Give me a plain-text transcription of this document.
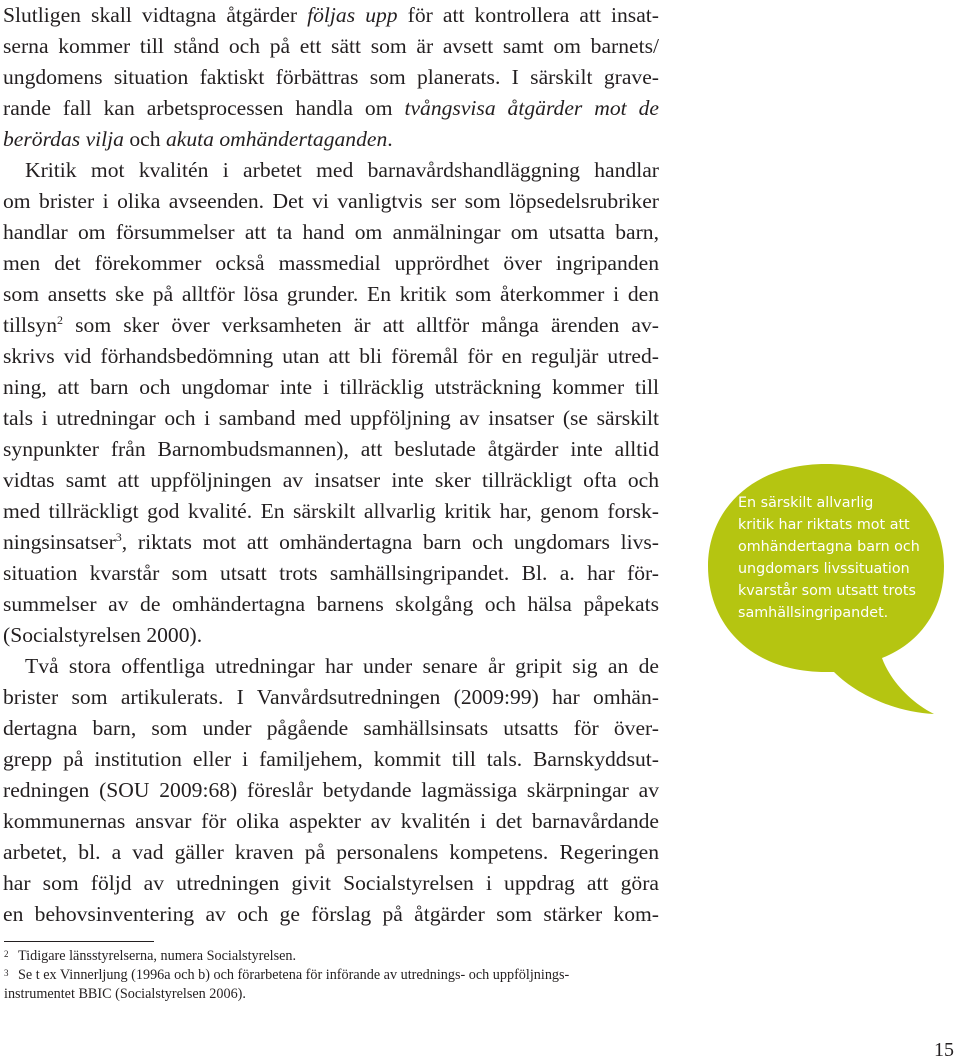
Slutligen skall vidtagna åtgärder följas upp för att kontrollera att insat-
serna kommer till stånd och på ett sätt som är avsett samt om barnets/
ungdomens situation faktiskt förbättras som planerats. I särskilt grave-
rande fall kan arbetsprocessen handla om tvångsvisa åtgärder mot de
berördas vilja och akuta omhändertaganden.
Kritik mot kvalitén i arbetet med barnavårdshandläggning handlar
om brister i olika avseenden. Det vi vanligtvis ser som löpsedelsrubriker
handlar om försummelser att ta hand om anmälningar om utsatta barn,
men det förekommer också massmedial upprördhet över ingripanden
som ansetts ske på alltför lösa grunder. En kritik som återkommer i den
tillsyn$^2$ som sker över verksamheten är att alltför många ärenden av-
skrivs vid förhandsbedömning utan att bli föremål för en reguljär utred-
ning, att barn och ungdomar inte i tillräcklig utsträckning kommer till
tals i utredningar och i samband med uppföljning av insatser (se särskilt
synpunkter från Barnombudsmannen), att beslutade åtgärder inte alltid
vidtas samt att uppföljningen av insatser inte sker tillräckligt ofta och
med tillräckligt god kvalité. En särskilt allvarlig kritik har, genom forsk-
ningsinsatser$^3$, riktats mot att omhändertagna barn och ungdomars livs-
situation kvarstår som utsatt trots samhällsingripandet. Bl. a. har för-
summelser av de omhändertagna barnens skolgång och hälsa påpekats
(Socialstyrelsen 2000).
Två stora offentliga utredningar har under senare år gripit sig an de
brister som artikulerats. I Vanvårdsutredningen (2009:99) har omhän-
dertagna barn, som under pågående samhällsinsats utsatts för över-
grepp på institution eller i familjehem, kommit till tals. Barnskyddsut-
redningen (SOU 2009:68) föreslår betydande lagmässiga skärpningar av
kommunernas ansvar för olika aspekter av kvalitén i det barnavårdande
arbetet, bl. a vad gäller kraven på personalens kompetens. Regeringen
har som följd av utredningen givit Socialstyrelsen i uppdrag att göra
en behovsinventering av och ge förslag på åtgärder som stärker kom-
2 Tidigare länsstyrelserna, numera Socialstyrelsen.
3 Se t ex Vinnerljung (1996a och b) och förarbetena för införande av utrednings- och uppföljnings-
instrumentet BBIC (Socialstyrelsen 2006).
En särskilt allvarlig
kritik har riktats mot att
omhändertagna barn och
ungdomars livssituation
kvarstår som utsatt trots
samhällsingripandet.
15
